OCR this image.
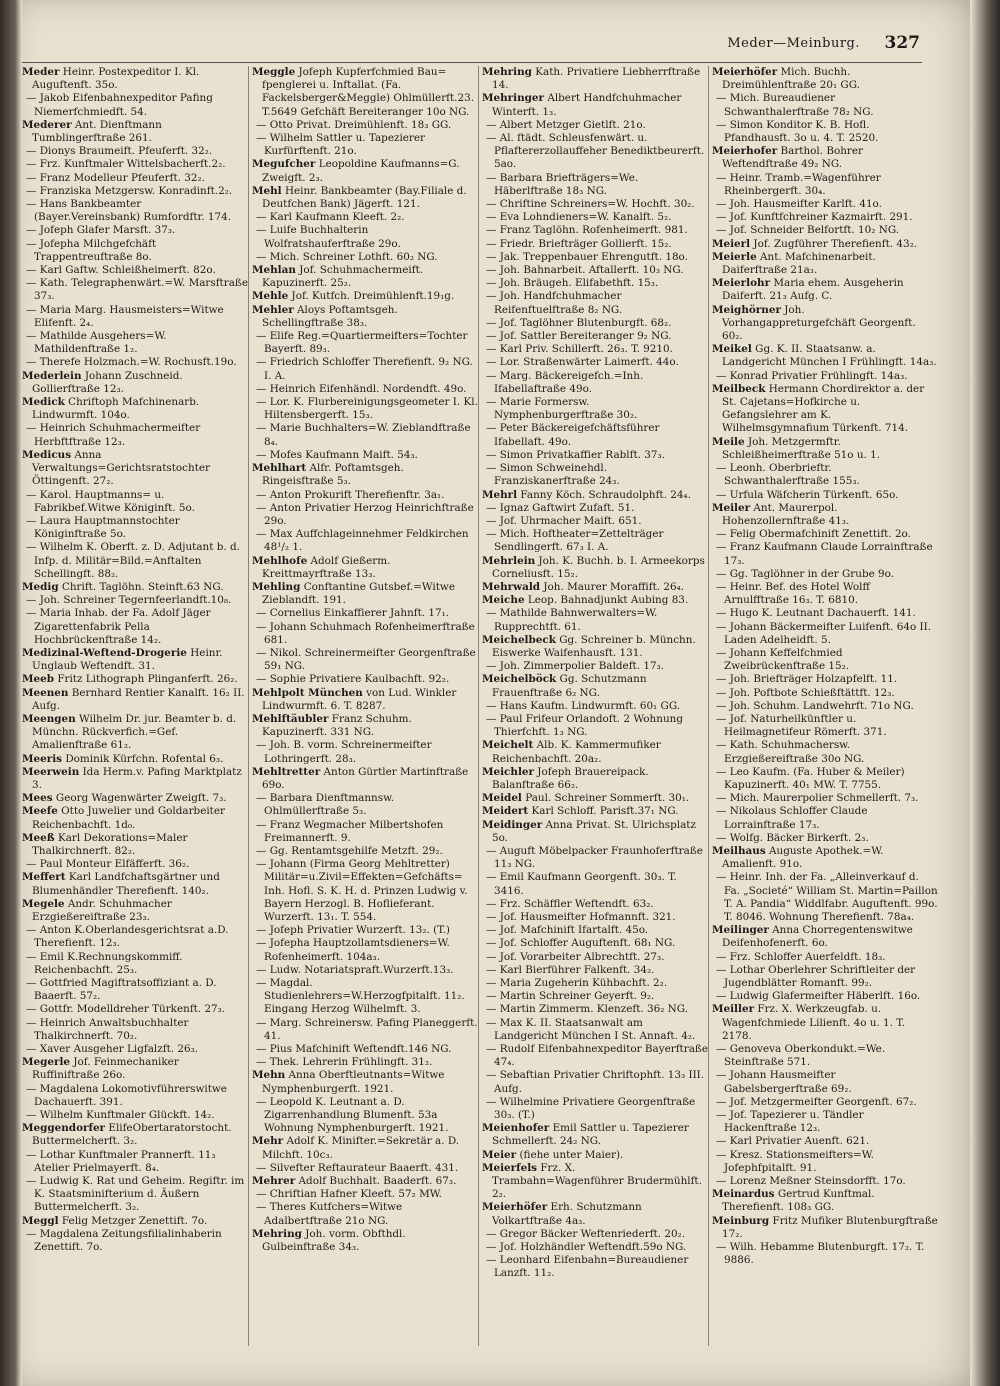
Meder—Meinburg. 327

Meder Heinr. Postexpeditor I. Kl. Auguftenft. 35o.

— Jakob Eifenbahnexpeditor Pafing Niemerfchmiedft. 54.

Mederer Ant. Dienftmann Tumblingerftraße 261.

— Dionys Braumeift. Pfeuferft. 32₂.

— Frz. Kunftmaler Wittelsbacherft.2₂.

— Franz Modelleur Pfeuferft. 32₂.

— Franziska Metzgersw. Konradinft.2₂.

— Hans Bankbeamter (Bayer.Vereinsbank) Rumfordftr. 174.

— Jofeph Glafer Marsft. 37₃.

— Jofepha Milchgefchäft Trappentreuftraße 8o.

— Karl Gaftw. Schleißheimerft. 82o.

— Kath. Telegraphenwärt.=W. Marsftraße 37₃.

— Maria Marg. Hausmeisters=Witwe Elifenft. 2₄.

— Mathilde Ausgehers=W. Mathildenftraße 1₂.

— Therefe Holzmach.=W. Rochusft.19o.

Mederlein Johann Zuschneid. Gollierftraße 12₃.

Medick Chriftoph Mafchinenarb. Lindwurmft. 104o.

— Heinrich Schuhmachermeifter Herbftftraße 12₃.

Medicus Anna Verwaltungs=Gerichtsratstochter Öttingenft. 27₂.

— Karol. Hauptmanns= u. Fabrikbef.Witwe Königinft. 5o.

— Laura Hauptmannstochter Königinftraße 5o.

— Wilhelm K. Oberft. z. D. Adjutant b. d. Infp. d. Militär=Bild.=Anftalten Schellingft. 88₂.

Medig Chrift. Taglöhn. Steinft.63 NG.

— Joh. Schreiner Tegernfeerlandft.10₈.

— Maria Inhab. der Fa. Adolf Jäger Zigarettenfabrik Pella Hochbrückenftraße 14₂.

Medizinal-Weftend-Drogerie Heinr. Unglaub Weftendft. 31.

Meeb Fritz Lithograph Plinganferft. 26₂.

Meenen Bernhard Rentier Kanalft. 16₂ II. Aufg.

Meengen Wilhelm Dr. jur. Beamter b. d. Münchn. Rückverfich.=Gef. Amalienftraße 61₂.

Meeris Dominik Kürfchn. Rofental 6₃.

Meerwein Ida Herm.v. Pafing Marktplatz 3.

Mees Georg Wagenwärter Zweigft. 7₃.

Meefe Otto Juwelier und Goldarbeiter Reichenbachft. 1d₀.

Meeß Karl Dekorations=Maler Thalkirchnerft. 82₂.

— Paul Monteur Elfäfferft. 36₂.

Meffert Karl Landfchaftsgärtner und Blumenhändler Therefienft. 140₂.

Megele Andr. Schuhmacher Erzgießereiftraße 23₃.

— Anton K.Oberlandesgerichtsrat a.D. Therefienft. 12₃.

— Emil K.Rechnungskommiff. Reichenbachft. 25₃.

— Gottfried Magiftratsoffiziant a. D. Baaerft. 57₂.

— Gottfr. Modelldreher Türkenft. 27₃.

— Heinrich Anwaltsbuchhalter Thalkirchnerft. 70₂.

— Xaver Ausgeher Ligfalzft. 26₃.

Megerle Jof. Feinmechaniker Ruffiniftraße 26o.

— Magdalena Lokomotivführerswitwe Dachauerft. 391.

— Wilhelm Kunftmaler Glückft. 14₂.

Meggendorfer ElifeObertaratorstocht. Buttermelcherft. 3₂.

— Lothar Kunftmaler Prannerft. 11₃ Atelier Prielmayerft. 8₄.

— Ludwig K. Rat und Geheim. Regiftr. im K. Staatsminifterium d. Äußern Buttermelcherft. 3₂.

Meggl Felig Metzger Zenettift. 7o.

— Magdalena Zeitungsfilialinhaberin Zenettift. 7o.

Meggle Jofeph Kupferfchmied Bau= fpenglerei u. Inftallat. (Fa. Fackelsberger&Meggle) Ohlmüllerft.23. T.5649 Gefchäft Bereiteranger 10o NG.

— Otto Privat. Dreimühlenft. 18₃ GG.

— Wilhelm Sattler u. Tapezierer Kurfürftenft. 21o.

Megufcher Leopoldine Kaufmanns=G. Zweigft. 2₃.

Mehl Heinr. Bankbeamter (Bay.Filiale d. Deutfchen Bank) Jägerft. 121.

— Karl Kaufmann Kleeft. 2₂.

— Luife Buchhalterin Wolfratshauferftraße 29o.

— Mich. Schreiner Lothft. 60₂ NG.

Mehlan Jof. Schuhmachermeift. Kapuzinerft. 25₂.

Mehle Jof. Kutfch. Dreimühlenft.19₁g.

Mehler Aloys Poftamtsgeh. Schellingftraße 38₃.

— Elife Reg.=Quartiermeifters=Tochter Bayerft. 89₃.

— Friedrich Schloffer Therefienft. 9₂ NG. I. A.

— Heinrich Eifenhändl. Nordendft. 49o.

— Lor. K. Flurbereinigungsgeometer I. Kl. Hiltensbergerft. 15₃.

— Marie Buchhalters=W. Zieblandftraße 8₄.

— Mofes Kaufmann Maift. 54₃.

Mehlhart Alfr. Poftamtsgeh. Ringeisftraße 5₃.

— Anton Prokurift Therefienftr. 3a₁.

— Anton Privatier Herzog Heinrichftraße 29o.

— Max Auffchlageinnehmer Feldkirchen 48¹/₂ 1.

Mehlhofe Adolf Gießerm. Kreittmayrftraße 13₃.

Mehling Conftantine Gutsbef.=Witwe Zieblandft. 191.

— Cornelius Einkaffierer Jahnft. 17₁.

— Johann Schuhmach Rofenheimerftraße 681.

— Nikol. Schreinermeifter Georgenftraße 59₁ NG.

— Sophie Privatiere Kaulbachft. 92₂.

Mehlpolt München von Lud. Winkler Lindwurmft. 6. T. 8287.

Mehlftäubler Franz Schuhm. Kapuzinerft. 331 NG.

— Joh. B. vorm. Schreinermeifter Lothringerft. 28₃.

Mehltretter Anton Gürtler Martinftraße 69o.

— Barbara Dienftmannsw. Ohlmüllerftraße 5₃.

— Franz Wegmacher Milbertshofen Freimannerft. 9.

— Gg. Rentamtsgehilfe Metzft. 29₂.

— Johann (Firma Georg Mehltretter) Militär=u.Zivil=Effekten=Gefchäfts= Inh. Hofl. S. K. H. d. Prinzen Ludwig v. Bayern Herzogl. B. Hoflieferant. Wurzerft. 13₁. T. 554.

— Jofeph Privatier Wurzerft. 13₂. (T.)

— Jofepha Hauptzollamtsdieners=W. Rofenheimerft. 104a₃.

— Ludw. Notariatspraft.Wurzerft.13₃.

— Magdal. Studienlehrers=W.Herzogfpitalft. 11₂. Eingang Herzog Wilhelmft. 3.

— Marg. Schreinersw. Pafing Planeggerft. 41.

— Pius Mafchinift Weftendft.146 NG.

— Thek. Lehrerin Frühlingft. 31₂.

Mehn Anna Oberftleutnants=Witwe Nymphenburgerft. 1921.

— Leopold K. Leutnant a. D. Zigarrenhandlung Blumenft. 53a Wohnung Nymphenburgerft. 1921.

Mehr Adolf K. Minifter.=Sekretär a. D. Milchft. 10c₃.

— Silvefter Reftaurateur Baaerft. 431.

Mehrer Adolf Buchhalt. Baaderft. 67₃.

— Chriftian Hafner Kleeft. 57₂ MW.

— Theres Kutfchers=Witwe Adalbertftraße 21o NG.

Mehring Joh. vorm. Obfthdl. Gulbeinftraße 34₃.

Mehring Kath. Privatiere Liebherrftraße 14.

Mehringer Albert Handfchuhmacher Winterft. 1₃.

— Albert Metzger Gietlft. 21o.

— Al. ftädt. Schleusfenwärt. u. Pflaftererzollauffeher Benediktbeurerft. 5ao.

— Barbara Briefträgers=We. Häberlftraße 18₃ NG.

— Chriftine Schreiners=W. Hochft. 30₂.

— Eva Lohndieners=W. Kanalft. 5₂.

— Franz Taglöhn. Rofenheimerft. 981.

— Friedr. Briefträger Gollierft. 15₂.

— Jak. Treppenbauer Ehrengutft. 18o.

— Joh. Bahnarbeit. Aftallerft. 10₃ NG.

— Joh. Bräugeh. Elifabethft. 15₃.

— Joh. Handfchuhmacher Reifenftuelftraße 8₂ NG.

— Jof. Taglöhner Blutenburgft. 68₂.

— Jof. Sattler Bereiteranger 9₂ NG.

— Karl Priv. Schillerft. 26₃. T. 9210.

— Lor. Straßenwärter Laimerft. 44o.

— Marg. Bäckereigefch.=Inh. Ifabellaftraße 49o.

— Marie Formersw. Nymphenburgerftraße 30₂.

— Peter Bäckereigefchäftsführer Ifabellaft. 49o.

— Simon Privatkaffier Rablft. 37₃.

— Simon Schweinehdl. Franziskanerftraße 24₃.

Mehrl Fanny Köch. Schraudolphft. 24₄.

— Ignaz Gaftwirt Zufaft. 51.

— Jof. Uhrmacher Maift. 651.

— Mich. Hoftheater=Zettelträger Sendlingerft. 67₃ I. A.

Mehrlein Joh. K. Buchh. b. I. Armeekorps Corneliusft. 15₂.

Mehrwald Joh. Maurer Moraffift. 26₄.

Meiche Leop. Bahnadjunkt Aubing 83.

— Mathilde Bahnwerwalters=W. Rupprechtft. 61.

Meichelbeck Gg. Schreiner b. Münchn. Eiswerke Waifenhausft. 131.

— Joh. Zimmerpolier Baldeft. 17₃.

Meichelböck Gg. Schutzmann Frauenftraße 6₂ NG.

— Hans Kaufm. Lindwurmft. 60₁ GG.

— Paul Frifeur Orlandoft. 2 Wohnung Thierfchft. 1₃ NG.

Meichelt Alb. K. Kammermufiker Reichenbachft. 20a₂.

Meichler Jofeph Brauereipack. Balanftraße 66₂.

Meidel Paul. Schreiner Sommerft. 30₁.

Meidert Karl Schloff. Parisft.37₁ NG.

Meidinger Anna Privat. St. Ulrichsplatz 5o.

— Auguft Möbelpacker Fraunhoferftraße 11₃ NG.

— Emil Kaufmann Georgenft. 30₃. T. 3416.

— Frz. Schäffler Weftendft. 63₂.

— Jof. Hausmeifter Hofmannft. 321.

— Jof. Mafchinift Ifartalft. 45o.

— Jof. Schloffer Auguftenft. 68₁ NG.

— Jof. Vorarbeiter Albrechtft. 27₃.

— Karl Bierführer Falkenft. 34₂.

— Maria Zugeherin Kühbachft. 2₂.

— Martin Schreiner Geyerft. 9₂.

— Martin Zimmerm. Klenzeft. 36₂ NG.

— Max K. II. Staatsanwalt am Landgericht München I St. Annaft. 4₂.

— Rudolf Eifenbahnexpeditor Bayerftraße 47₄.

— Sebaftian Privatier Chriftophft. 13₃ III. Aufg.

— Wilhelmine Privatiere Georgenftraße 30₃. (T.)

Meienhofer Emil Sattler u. Tapezierer Schmellerft. 24₂ NG.

Meier (fiehe unter Maier).

Meierfels Frz. X. Trambahn=Wagenführer Brudermühlft. 2₂.

Meierhöfer Erh. Schutzmann Volkartftraße 4a₃.

— Gregor Bäcker Weftenriederft. 20₂.

— Jof. Holzhändler Weftendft.59o NG.

— Leonhard Eifenbahn=Bureaudiener Lanzft. 11₂.

Meierhöfer Mich. Buchh. Dreimühlenftraße 20₁ GG.

— Mich. Bureaudiener Schwanthalerftraße 78₂ NG.

— Simon Konditor K. B. Hofl. Pfandhausft. 3o u. 4. T. 2520.

Meierhofer Barthol. Bohrer Weftendftraße 49₂ NG.

— Heinr. Tramb.=Wagenführer Rheinbergerft. 30₄.

— Joh. Hausmeifter Karlft. 41o.

— Jof. Kunftfchreiner Kazmairft. 291.

— Jof. Schneider Belfortft. 10₂ NG.

Meierl Jof. Zugführer Therefienft. 43₂.

Meierle Ant. Mafchinenarbeit. Daiferftraße 21a₃.

Meierlohr Maria ehem. Ausgeherin Daiferft. 21₃ Aufg. C.

Meighörner Joh. Vorhangappreturgefchäft Georgenft. 60₂.

Meikel Gg. K. II. Staatsanw. a. Landgericht München I Frühlingft. 14a₃.

— Konrad Privatier Frühlingft. 14a₃.

Meilbeck Hermann Chordirektor a. der St. Cajetans=Hofkirche u. Gefangslehrer am K. Wilhelmsgymnafium Türkenft. 714.

Meile Joh. Metzgermftr. Schleißheimerftraße 51o u. 1.

— Leonh. Oberbrieftr. Schwanthalerftraße 155₃.

— Urfula Wäfcherin Türkenft. 65o.

Meiler Ant. Maurerpol. Hohenzollernftraße 41₃.

— Felig Obermafchinift Zenettift. 2o.

— Franz Kaufmann Claude Lorrainftraße 17₃.

— Gg. Taglöhner in der Grube 9o.

— Heinr. Bef. des Hotel Wolff Arnulfftraße 16₃. T. 6810.

— Hugo K. Leutnant Dachauerft. 141.

— Johann Bäckermeifter Luifenft. 64o II. Laden Adelheidft. 5.

— Johann Keffelfchmied Zweibrückenftraße 15₂.

— Joh. Briefträger Holzapfelft. 11.

— Joh. Poftbote Schießftättft. 12₃.

— Joh. Schuhm. Landwehrft. 71o NG.

— Jof. Naturheilkünftler u. Heilmagnetifeur Römerft. 371.

— Kath. Schuhmachersw. Erzgießereiftraße 30o NG.

— Leo Kaufm. (Fa. Huber & Meiler) Kapuzinerft. 40₁ MW. T. 7755.

— Mich. Maurerpolier Schmellerft. 7₃.

— Nikolaus Schloffer Claude Lorrainftraße 17₃.

— Wolfg. Bäcker Birkerft. 2₃.

Meilhaus Auguste Apothek.=W. Amalienft. 91o.

— Heinr. Inh. der Fa. „Alleinverkauf d. Fa. „Societé“ William St. Martin=Paillon T. A. Pandia“ Widdlfabr. Auguftenft. 99o. T. 8046. Wohnung Therefienft. 78a₄.

Meilinger Anna Chorregentenswitwe Deifenhofenerft. 6o.

— Frz. Schloffer Auerfeldft. 18₃.

— Lothar Oberlehrer Schriftleiter der Jugendblätter Romanft. 99₂.

— Ludwig Glafermeifter Häberlft. 16o.

Meiller Frz. X. Werkzeugfab. u. Wagenfchmiede Lilienft. 4o u. 1. T. 2178.

— Genoveva Oberkondukt.=We. Steinftraße 571.

— Johann Hausmeifter Gabelsbergerftraße 69₂.

— Jof. Metzgermeifter Georgenft. 67₂.

— Jof. Tapezierer u. Tändler Hackenftraße 12₃.

— Karl Privatier Auenft. 621.

— Kresz. Stationsmeifters=W. Jofephfpitalft. 91.

— Lorenz Meßner Steinsdorfft. 17o.

Meinardus Gertrud Kunftmal. Therefienft. 108₃ GG.

Meinburg Fritz Mufiker Blutenburgftraße 17₂.

— Wilh. Hebamme Blutenburgft. 17₂. T. 9886.
